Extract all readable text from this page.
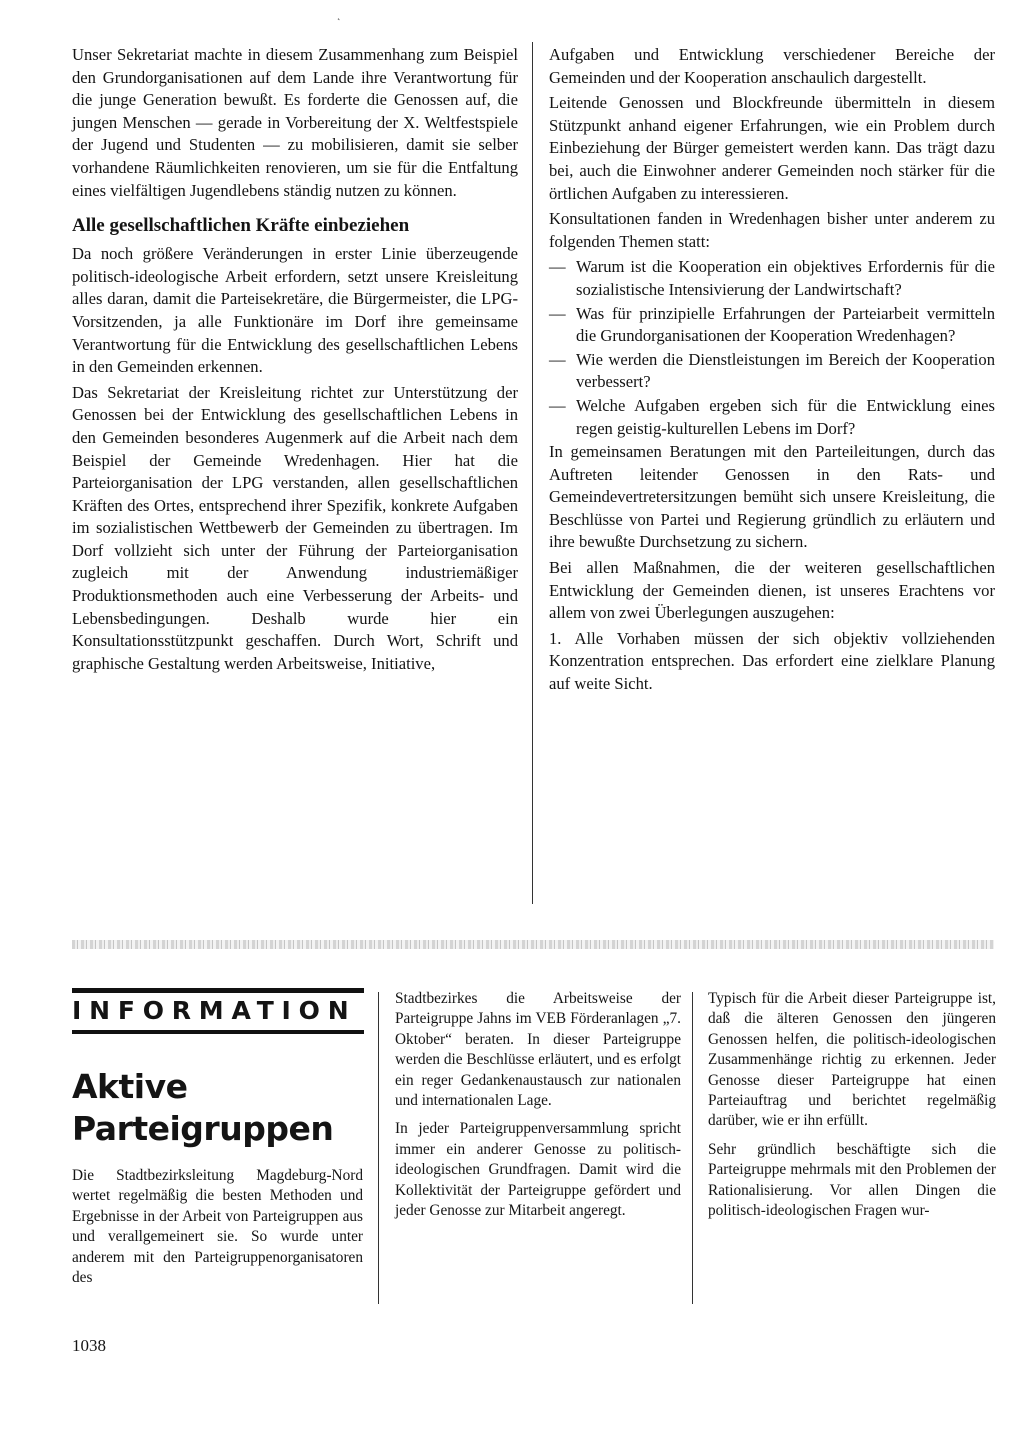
˛

Unser Sekretariat machte in diesem Zusammenhang zum Beispiel den Grundorganisationen auf dem Lande ihre Verantwortung für die junge Generation bewußt. Es forderte die Genossen auf, die jungen Menschen — gerade in Vorbereitung der X. Weltfestspiele der Jugend und Studenten — zu mobilisieren, damit sie selber vorhandene Räumlichkeiten renovieren, um sie für die Entfaltung eines vielfältigen Jugendlebens ständig nutzen zu können.

Alle gesellschaftlichen Kräfte einbeziehen

Da noch größere Veränderungen in erster Linie überzeugende politisch-ideologische Arbeit erfordern, setzt unsere Kreisleitung alles daran, damit die Parteisekretäre, die Bürgermeister, die LPG-Vorsitzenden, ja alle Funktionäre im Dorf ihre gemeinsame Verantwortung für die Entwicklung des gesellschaftlichen Lebens in den Gemeinden erkennen.

Das Sekretariat der Kreisleitung richtet zur Unterstützung der Genossen bei der Entwicklung des gesellschaftlichen Lebens in den Gemeinden besonderes Augenmerk auf die Arbeit nach dem Beispiel der Gemeinde Wredenhagen. Hier hat die Parteiorganisation der LPG verstanden, allen gesellschaftlichen Kräften des Ortes, entsprechend ihrer Spezifik, konkrete Aufgaben im sozialistischen Wettbewerb der Gemeinden zu übertragen. Im Dorf vollzieht sich unter der Führung der Parteiorganisation zugleich mit der Anwendung industriemäßiger Produktionsmethoden auch eine Verbesserung der Arbeits- und Lebensbedingungen. Deshalb wurde hier ein Konsultationsstützpunkt geschaffen. Durch Wort, Schrift und graphische Gestaltung werden Arbeitsweise, Initiative,

Aufgaben und Entwicklung verschiedener Bereiche der Gemeinden und der Kooperation anschaulich dargestellt.

Leitende Genossen und Blockfreunde übermitteln in diesem Stützpunkt anhand eigener Erfahrungen, wie ein Problem durch Einbeziehung der Bürger gemeistert werden kann. Das trägt dazu bei, auch die Einwohner anderer Gemeinden noch stärker für die örtlichen Aufgaben zu interessieren.

Konsultationen fanden in Wredenhagen bisher unter anderem zu folgenden Themen statt:

— Warum ist die Kooperation ein objektives Erfordernis für die sozialistische Intensivierung der Landwirtschaft?
— Was für prinzipielle Erfahrungen der Parteiarbeit vermitteln die Grundorganisationen der Kooperation Wredenhagen?
— Wie werden die Dienstleistungen im Bereich der Kooperation verbessert?
— Welche Aufgaben ergeben sich für die Entwicklung eines regen geistig-kulturellen Lebens im Dorf?

In gemeinsamen Beratungen mit den Parteileitungen, durch das Auftreten leitender Genossen in den Rats- und Gemeindevertretersitzungen bemüht sich unsere Kreisleitung, die Beschlüsse von Partei und Regierung gründlich zu erläutern und ihre bewußte Durchsetzung zu sichern.

Bei allen Maßnahmen, die der weiteren gesellschaftlichen Entwicklung der Gemeinden dienen, ist unseres Erachtens vor allem von zwei Überlegungen auszugehen:

1. Alle Vorhaben müssen der sich objektiv vollziehenden Konzentration entsprechen. Das erfordert eine zielklare Planung auf weite Sicht.

INFORMATION
Aktive
Parteigruppen

Die Stadtbezirksleitung Magdeburg-Nord wertet regelmäßig die besten Methoden und Ergebnisse in der Arbeit von Parteigruppen aus und verallgemeinert sie. So wurde unter anderem mit den Parteigruppenorganisatoren des

Stadtbezirkes die Arbeitsweise der Parteigruppe Jahns im VEB Förderanlagen „7. Oktober“ beraten. In dieser Parteigruppe werden die Beschlüsse erläutert, und es erfolgt ein reger Gedankenaustausch zur nationalen und internationalen Lage.

In jeder Parteigruppenversammlung spricht immer ein anderer Genosse zu politisch-ideologischen Grundfragen. Damit wird die Kollektivität der Parteigruppe gefördert und jeder Genosse zur Mitarbeit angeregt.

Typisch für die Arbeit dieser Parteigruppe ist, daß die älteren Genossen den jüngeren Genossen helfen, die politisch-ideologischen Zusammenhänge richtig zu erkennen. Jeder Genosse dieser Parteigruppe hat einen Parteiauftrag und berichtet regelmäßig darüber, wie er ihn erfüllt.

Sehr gründlich beschäftigte sich die Parteigruppe mehrmals mit den Problemen der Rationalisierung. Vor allen Dingen die politisch-ideologischen Fragen wur-

1038
